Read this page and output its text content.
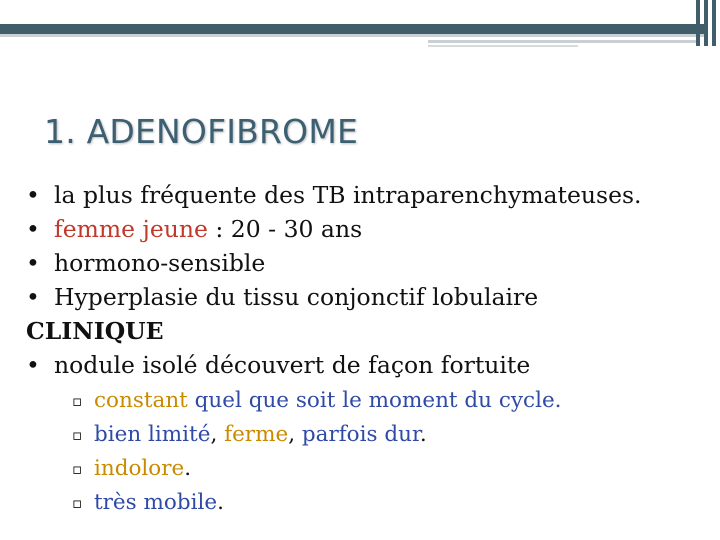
1. ADENOFIBROME
• la plus fréquente des TB intraparenchymateuses.
• femme jeune : 20 - 30 ans
• hormono-sensible
• Hyperplasie du tissu conjonctif lobulaire
CLINIQUE
• nodule isolé découvert de façon fortuite
▫ constant quel que soit le moment du cycle.
▫ bien limité, ferme, parfois dur.
▫ indolore.
▫ très mobile.
